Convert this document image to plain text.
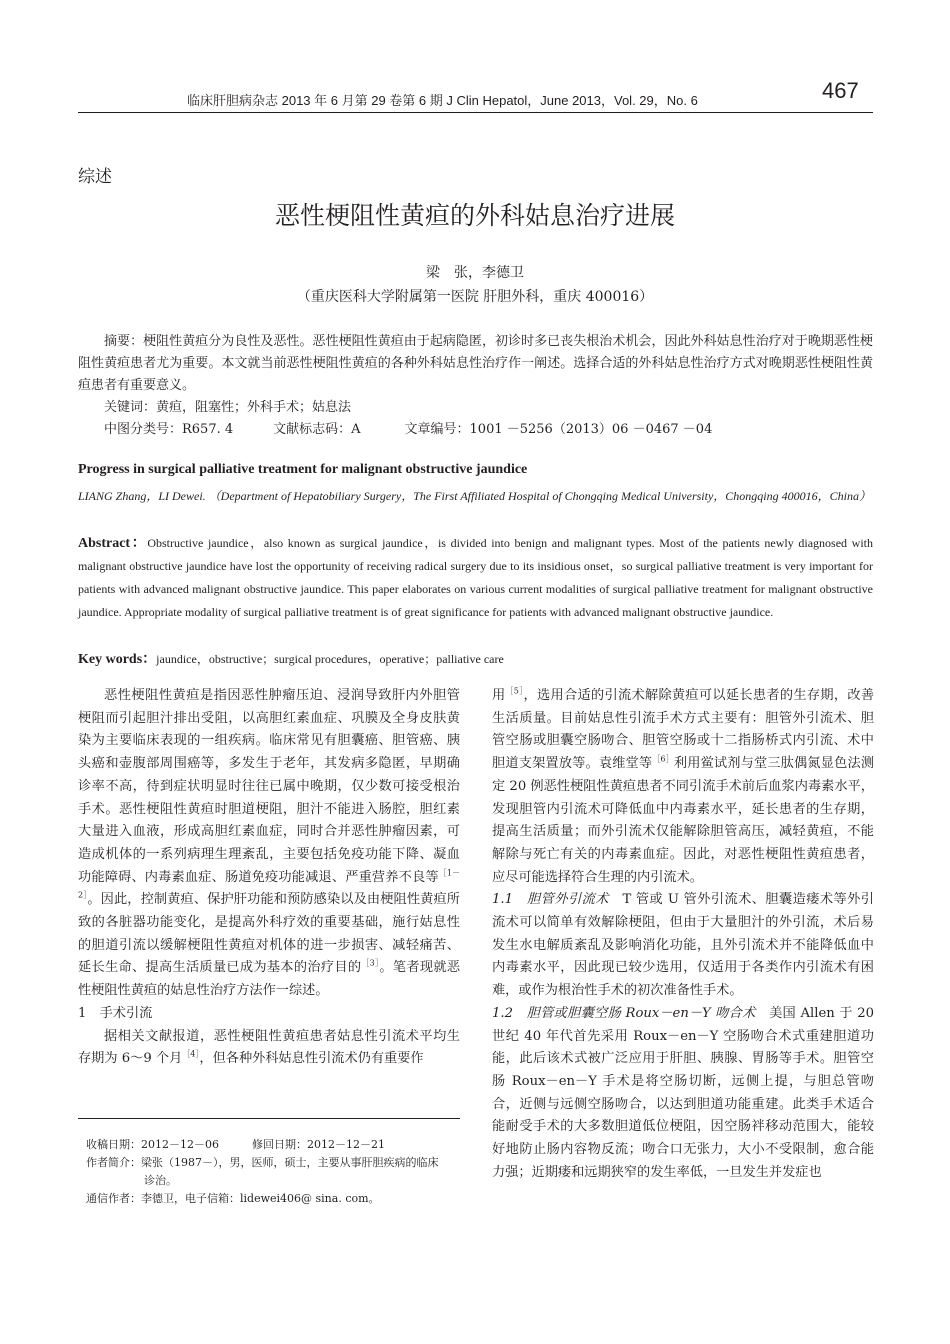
临床肝胆病杂志 2013 年 6 月第 29 卷第 6 期 J Clin Hepatol，June 2013，Vol. 29，No. 6	467
综述
恶性梗阻性黄疸的外科姑息治疗进展
梁　张，李德卫
（重庆医科大学附属第一医院 肝胆外科，重庆 400016）
摘要：梗阻性黄疸分为良性及恶性。恶性梗阻性黄疸由于起病隐匿，初诊时多已丧失根治术机会，因此外科姑息性治疗对于晚期恶性梗阻性黄疸患者尤为重要。本文就当前恶性梗阻性黄疸的各种外科姑息性治疗作一阐述。选择合适的外科姑息性治疗方式对晚期恶性梗阻性黄疸患者有重要意义。
关键词：黄疸，阻塞性；外科手术；姑息法
中图分类号：R657. 4	文献标志码：A	文章编号：1001 －5256（2013）06 －0467 －04
Progress in surgical palliative treatment for malignant obstructive jaundice
LIANG Zhang，LI Dewei. （Department of Hepatobiliary Surgery，The First Affiliated Hospital of Chongqing Medical University，Chongqing 400016，China）
Abstract：Obstructive jaundice，also known as surgical jaundice，is divided into benign and malignant types. Most of the patients newly diagnosed with malignant obstructive jaundice have lost the opportunity of receiving radical surgery due to its insidious onset，so surgical palliative treatment is very important for patients with advanced malignant obstructive jaundice. This paper elaborates on various current modalities of surgical palliative treatment for malignant obstructive jaundice. Appropriate modality of surgical palliative treatment is of great significance for patients with advanced malignant obstructive jaundice.
Key words：jaundice，obstructive；surgical procedures，operative；palliative care

恶性梗阻性黄疸是指因恶性肿瘤压迫、浸润导致肝内外胆管梗阻而引起胆汁排出受阻，以高胆红素血症、巩膜及全身皮肤黄染为主要临床表现的一组疾病。临床常见有胆囊癌、胆管癌、胰头癌和壶腹部周围癌等，多发生于老年，其发病多隐匿，早期确诊率不高，待到症状明显时往往已属中晚期，仅少数可接受根治手术。恶性梗阻性黄疸时胆道梗阻，胆汁不能进入肠腔，胆红素大量进入血液，形成高胆红素血症，同时合并恶性肿瘤因素，可造成机体的一系列病理生理紊乱，主要包括免疫功能下降、凝血功能障碍、内毒素血症、肠道免疫功能减退、严重营养不良等$^{[1-2]}$。因此，控制黄疸、保护肝功能和预防感染以及由梗阻性黄疸所致的各脏器功能变化，是提高外科疗效的重要基础，施行姑息性的胆道引流以缓解梗阻性黄疸对机体的进一步损害、减轻痛苦、延长生命、提高生活质量已成为基本的治疗目的$^{[3]}$。笔者现就恶性梗阻性黄疸的姑息性治疗方法作一综述。

1　手术引流

据相关文献报道，恶性梗阻性黄疸患者姑息性引流术平均生存期为 6～9 个月$^{[4]}$，但各种外科姑息性引流术仍有重要作

用$^{[5]}$，选用合适的引流术解除黄疸可以延长患者的生存期，改善生活质量。目前姑息性引流手术方式主要有：胆管外引流术、胆管空肠或胆囊空肠吻合、胆管空肠或十二指肠桥式内引流、术中胆道支架置放等。袁维堂等$^{[6]}$利用鲎试剂与堂三肽偶氮显色法测定 20 例恶性梗阻性黄疸患者不同引流手术前后血浆内毒素水平，发现胆管内引流术可降低血中内毒素水平，延长患者的生存期，提高生活质量；而外引流术仅能解除胆管高压，减轻黄疸，不能解除与死亡有关的内毒素血症。因此，对恶性梗阻性黄疸患者，应尽可能选择符合生理的内引流术。

1.1　胆管外引流术　T 管或 U 管外引流术、胆囊造瘘术等外引流术可以简单有效解除梗阻，但由于大量胆汁的外引流，术后易发生水电解质紊乱及影响消化功能，且外引流术并不能降低血中内毒素水平，因此现已较少选用，仅适用于各类作内引流术有困难，或作为根治性手术的初次准备性手术。

1.2　胆管或胆囊空肠 Roux－en－Y 吻合术　美国 Allen 于 20 世纪 40 年代首先采用 Roux－en－Y 空肠吻合术式重建胆道功能，此后该术式被广泛应用于肝胆、胰腺、胃肠等手术。胆管空肠 Roux－en－Y 手术是将空肠切断，远侧上提，与胆总管吻合，近侧与远侧空肠吻合，以达到胆道功能重建。此类手术适合能耐受手术的大多数胆道低位梗阻，因空肠袢移动范围大，能较好地防止肠内容物反流；吻合口无张力，大小不受限制，愈合能力强；近期瘘和远期狭窄的发生率低，一旦发生并发症也

收稿日期：2012－12－06　　　修回日期：2012－12－21

作者简介：梁张（1987－），男，医师，硕士，主要从事肝胆疾病的临床

诊治。

通信作者：李德卫，电子信箱：lidewei406@ sina. com。
